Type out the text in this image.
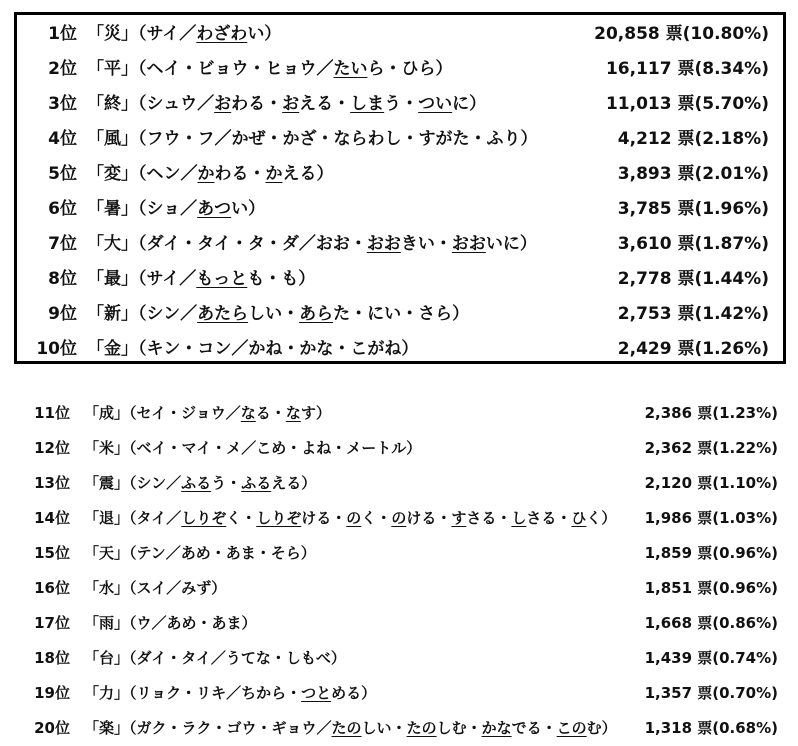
1位 「災」（サイ／わざわい）	20,858 票(10.80%)
2位 「平」（ヘイ・ビョウ・ヒョウ／たいら・ひら）	16,117 票(8.34%)
3位 「終」（シュウ／おわる・おえる・しまう・ついに）	11,013 票(5.70%)
4位 「風」（フウ・フ／かぜ・かざ・ならわし・すがた・ふり）	4,212 票(2.18%)
5位 「変」（ヘン／かわる・かえる）	3,893 票(2.01%)
6位 「暑」（ショ／あつい）	3,785 票(1.96%)
7位 「大」（ダイ・タイ・タ・ダ／おお・おおきい・おおいに）	3,610 票(1.87%)
8位 「最」（サイ／もっとも・も）	2,778 票(1.44%)
9位 「新」（シン／あたらしい・あらた・にい・さら）	2,753 票(1.42%)
10位 「金」（キン・コン／かね・かな・こがね）	2,429 票(1.26%)
11位 「成」（セイ・ジョウ／なる・なす）	2,386 票(1.23%)
12位 「米」（ベイ・マイ・メ／こめ・よね・メートル）	2,362 票(1.22%)
13位 「震」（シン／ふるう・ふるえる）	2,120 票(1.10%)
14位 「退」（タイ／しりぞく・しりぞける・のく・のける・すさる・しさる・ひく） 1,986 票(1.03%)
15位 「天」（テン／あめ・あま・そら）	1,859 票(0.96%)
16位 「水」（スイ／みず）	1,851 票(0.96%)
17位 「雨」（ウ／あめ・あま）	1,668 票(0.86%)
18位 「台」（ダイ・タイ／うてな・しもべ）	1,439 票(0.74%)
19位 「力」（リョク・リキ／ちから・つとめる）	1,357 票(0.70%)
20位 「楽」（ガク・ラク・ゴウ・ギョウ／たのしい・たのしむ・かなでる・このむ） 1,318 票(0.68%)
